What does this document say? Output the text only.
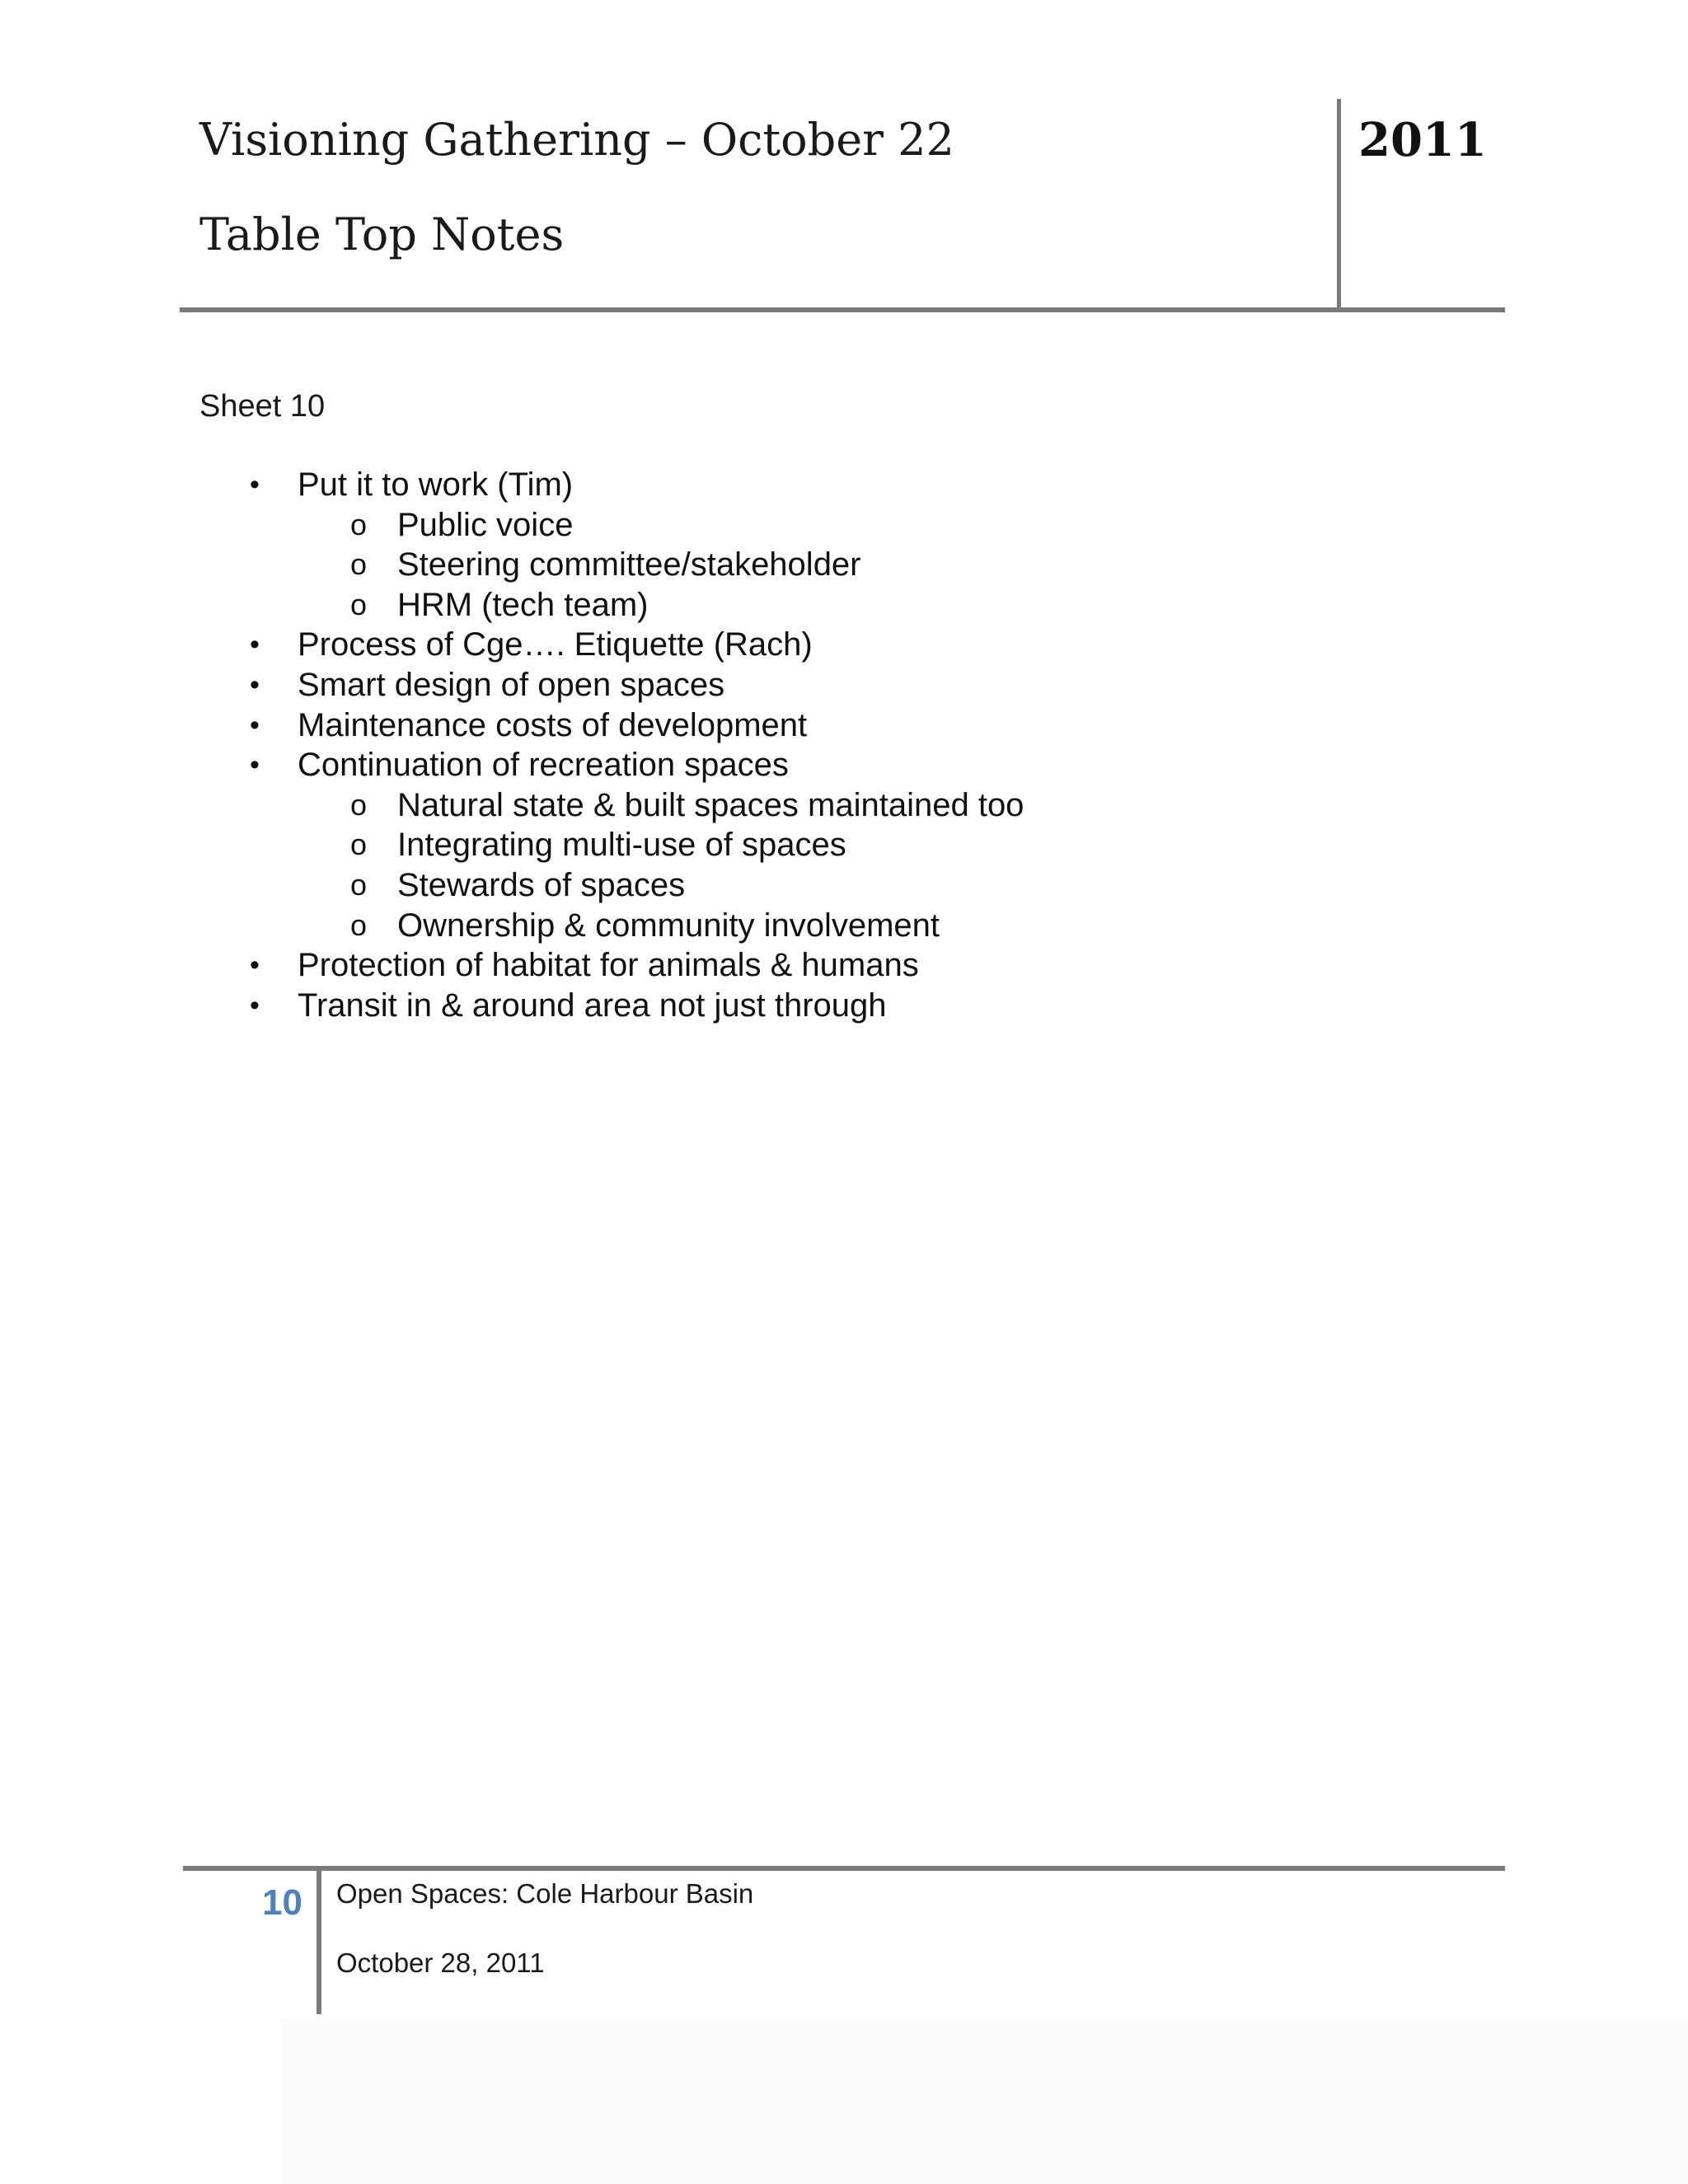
Visioning Gathering – October 22
Table Top Notes
2011
Sheet 10
• Put it to work (Tim)
o Public voice
o Steering committee/stakeholder
o HRM (tech team)
• Process of Cge…. Etiquette (Rach)
• Smart design of open spaces
• Maintenance costs of development
• Continuation of recreation spaces
o Natural state & built spaces maintained too
o Integrating multi-use of spaces
o Stewards of spaces
o Ownership & community involvement
• Protection of habitat for animals & humans
• Transit in & around area not just through
10 Open Spaces: Cole Harbour Basin
October 28, 2011
